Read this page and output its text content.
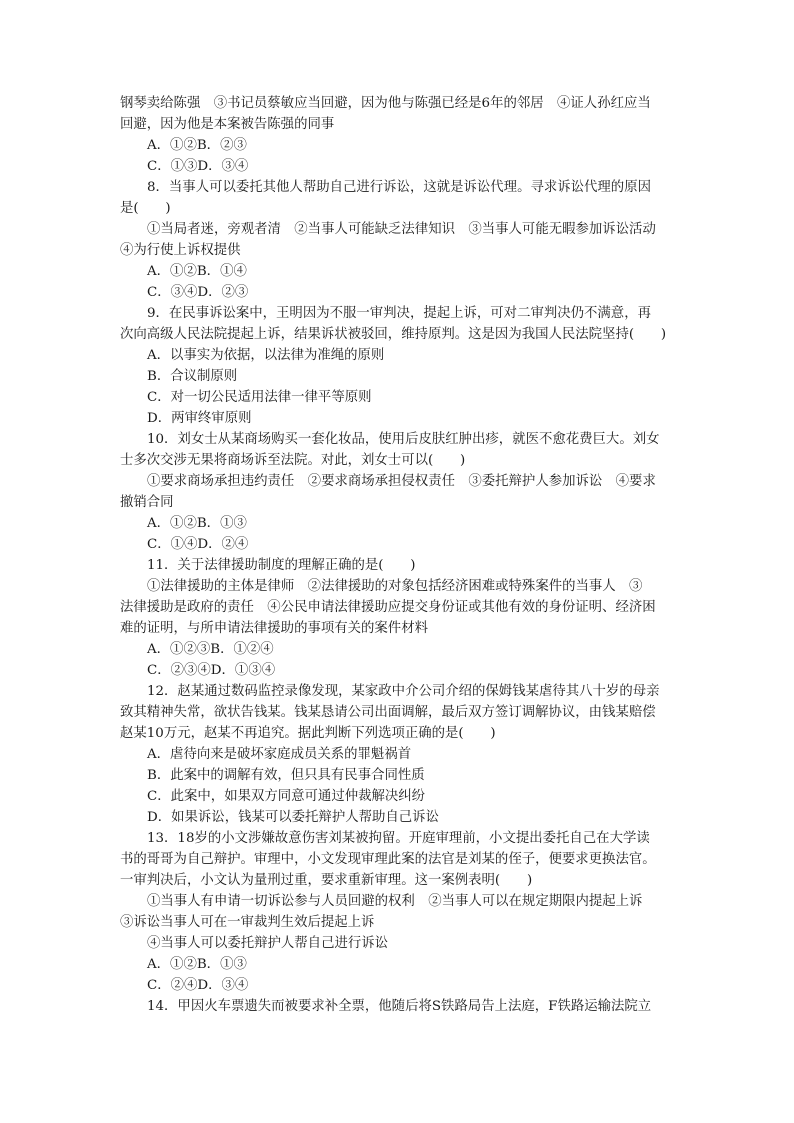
钢琴卖给陈强　③书记员蔡敏应当回避，因为他与陈强已经是6年的邻居　④证人孙红应当
回避，因为他是本案被告陈强的同事
A．①②B．②③
C．①③D．③④
8．当事人可以委托其他人帮助自己进行诉讼，这就是诉讼代理。寻求诉讼代理的原因
是(　　)
①当局者迷，旁观者清　②当事人可能缺乏法律知识　③当事人可能无暇参加诉讼活动
④为行使上诉权提供
A．①②B．①④
C．③④D．②③
9．在民事诉讼案中，王明因为不服一审判决，提起上诉，可对二审判决仍不满意，再
次向高级人民法院提起上诉，结果诉状被驳回，维持原判。这是因为我国人民法院坚持(　　)
A．以事实为依据，以法律为准绳的原则
B．合议制原则
C．对一切公民适用法律一律平等原则
D．两审终审原则
10．刘女士从某商场购买一套化妆品，使用后皮肤红肿出疹，就医不愈花费巨大。刘女
士多次交涉无果将商场诉至法院。对此，刘女士可以(　　)
①要求商场承担违约责任　②要求商场承担侵权责任　③委托辩护人参加诉讼　④要求
撤销合同
A．①②B．①③
C．①④D．②④
11．关于法律援助制度的理解正确的是(　　)
①法律援助的主体是律师　②法律援助的对象包括经济困难或特殊案件的当事人　③
法律援助是政府的责任　④公民申请法律援助应提交身份证或其他有效的身份证明、经济困
难的证明，与所申请法律援助的事项有关的案件材料
A．①②③B．①②④
C．②③④D．①③④
12．赵某通过数码监控录像发现，某家政中介公司介绍的保姆钱某虐待其八十岁的母亲
致其精神失常，欲状告钱某。钱某恳请公司出面调解，最后双方签订调解协议，由钱某赔偿
赵某10万元，赵某不再追究。据此判断下列选项正确的是(　　)
A．虐待向来是破坏家庭成员关系的罪魁祸首
B．此案中的调解有效，但只具有民事合同性质
C．此案中，如果双方同意可通过仲裁解决纠纷
D．如果诉讼，钱某可以委托辩护人帮助自己诉讼
13．18岁的小文涉嫌故意伤害刘某被拘留。开庭审理前，小文提出委托自己在大学读
书的哥哥为自己辩护。审理中，小文发现审理此案的法官是刘某的侄子，便要求更换法官。
一审判决后，小文认为量刑过重，要求重新审理。这一案例表明(　　)
①当事人有申请一切诉讼参与人员回避的权利　②当事人可以在规定期限内提起上诉
③诉讼当事人可在一审裁判生效后提起上诉
④当事人可以委托辩护人帮自己进行诉讼
A．①②B．①③
C．②④D．③④
14．甲因火车票遗失而被要求补全票，他随后将S铁路局告上法庭，F铁路运输法院立
